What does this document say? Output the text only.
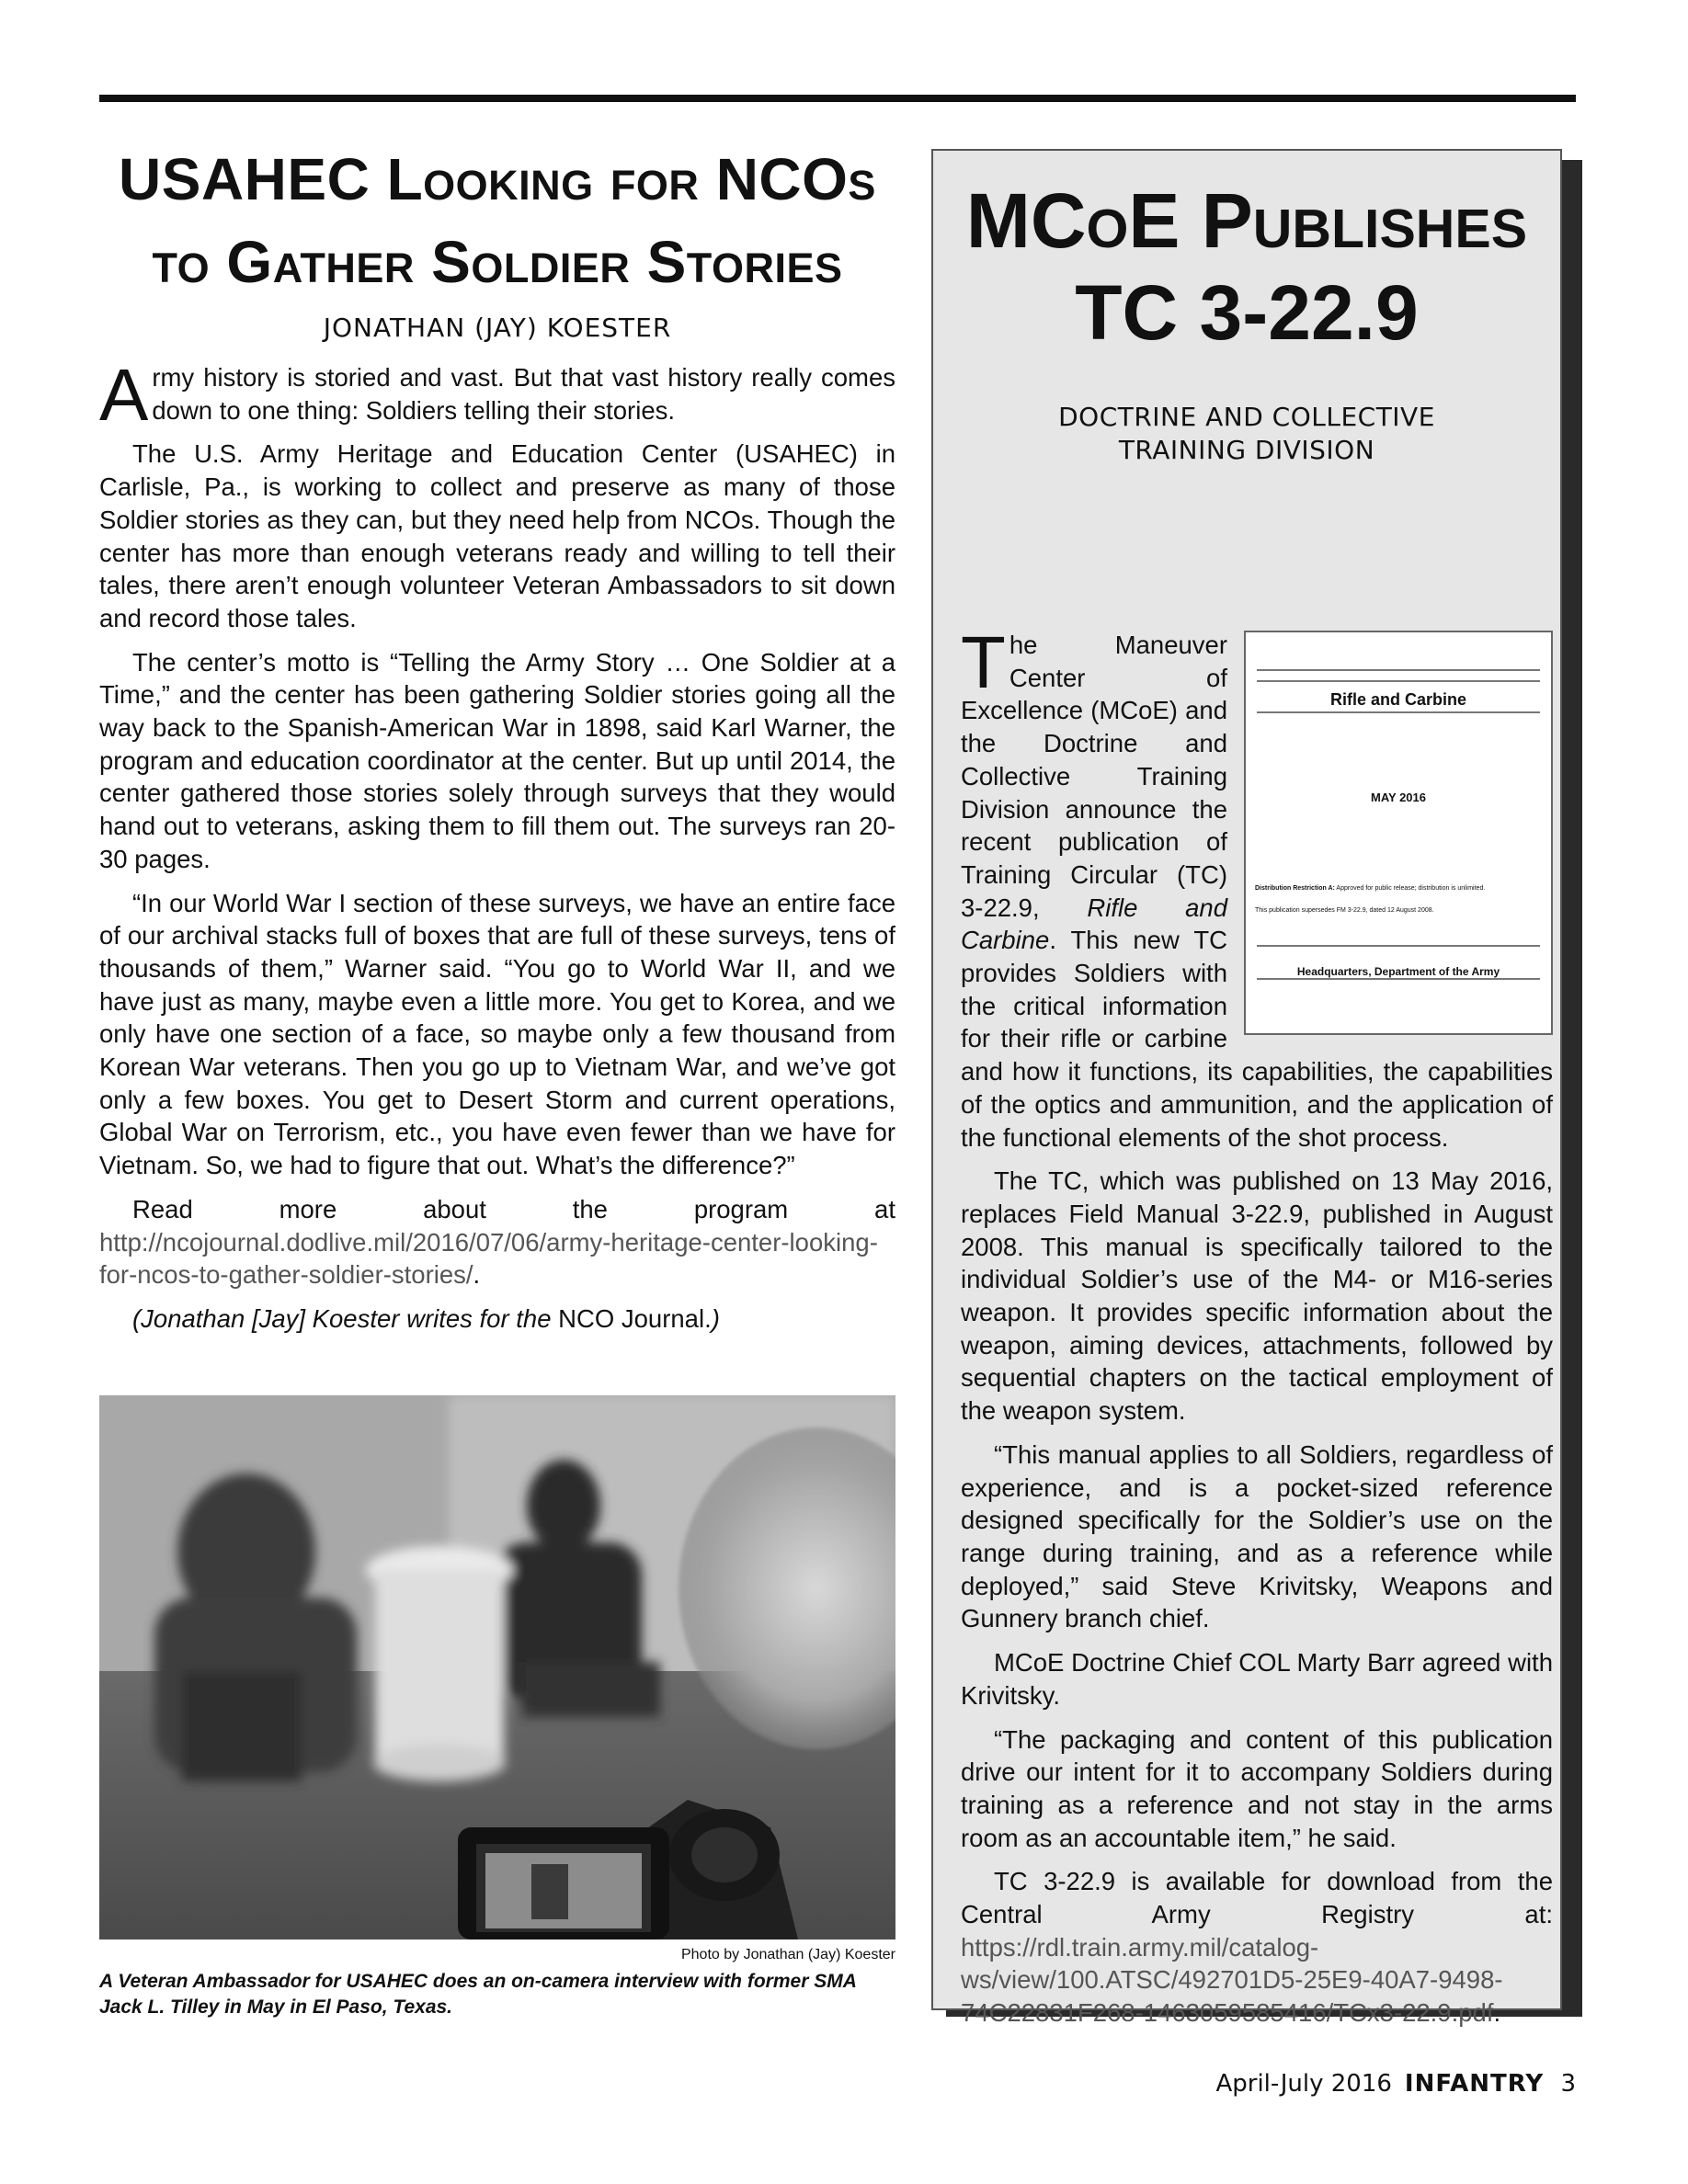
USAHEC Looking for NCOs
to Gather Soldier Stories
JONATHAN (JAY) KOESTER

Army history is storied and vast. But that vast history really comes down to one thing: Soldiers telling their stories.

The U.S. Army Heritage and Education Center (USAHEC) in Carlisle, Pa., is working to collect and preserve as many of those Soldier stories as they can, but they need help from NCOs. Though the center has more than enough veterans ready and willing to tell their tales, there aren’t enough volunteer Veteran Ambassadors to sit down and record those tales.

The center’s motto is “Telling the Army Story … One Soldier at a Time,” and the center has been gathering Soldier stories going all the way back to the Spanish-American War in 1898, said Karl Warner, the program and education coordinator at the center. But up until 2014, the center gathered those stories solely through surveys that they would hand out to veterans, asking them to fill them out. The surveys ran 20-30 pages.

“In our World War I section of these surveys, we have an entire face of our archival stacks full of boxes that are full of these surveys, tens of thousands of them,” Warner said. “You go to World War II, and we have just as many, maybe even a little more. You get to Korea, and we only have one section of a face, so maybe only a few thousand from Korean War veterans. Then you go up to Vietnam War, and we’ve got only a few boxes. You get to Desert Storm and current operations, Global War on Terrorism, etc., you have even fewer than we have for Vietnam. So, we had to figure that out. What’s the difference?”

Read more about the program at http://ncojournal.dodlive.mil/2016/07/06/army-heritage-center-looking-for-ncos-to-gather-soldier-stories/.

(Jonathan [Jay] Koester writes for the NCO Journal.)

Photo by Jonathan (Jay) Koester
A Veteran Ambassador for USAHEC does an on-camera interview with former SMA Jack L. Tilley in May in El Paso, Texas.
MCoE Publishes
TC 3-22.9
DOCTRINE AND COLLECTIVE
TRAINING DIVISION
Rifle and Carbine
MAY 2016
Distribution Restriction A: Approved for public release; distribution is unlimited.
This publication supersedes FM 3-22.9, dated 12 August 2008.
Headquarters, Department of the Army

The Maneuver Center of Excellence (MCoE) and the Doctrine and Collective Training Division announce the recent publication of Training Circular (TC) 3-22.9, Rifle and Carbine. This new TC provides Soldiers with the critical information for their rifle or carbine and how it functions, its capabilities, the capabilities of the optics and ammunition, and the application of the functional elements of the shot process.

The TC, which was published on 13 May 2016, replaces Field Manual 3-22.9, published in August 2008. This manual is specifically tailored to the individual Soldier’s use of the M4- or M16-series weapon. It provides specific information about the weapon, aiming devices, attachments, followed by sequential chapters on the tactical employment of the weapon system.

“This manual applies to all Soldiers, regardless of experience, and is a pocket-sized reference designed specifically for the Soldier’s use on the range during training, and as a reference while deployed,” said Steve Krivitsky, Weapons and Gunnery branch chief.

MCoE Doctrine Chief COL Marty Barr agreed with Krivitsky.

“The packaging and content of this publication drive our intent for it to accompany Soldiers during training as a reference and not stay in the arms room as an accountable item,” he said.

TC 3-22.9 is available for download from the Central Army Registry at: https://rdl.train.army.mil/catalog-ws/view/100.ATSC/492701D5-25E9-40A7-9498-74C22831F268-1463059585416/TCx3-22.9.pdf.

April-July 2016 INFANTRY 3
